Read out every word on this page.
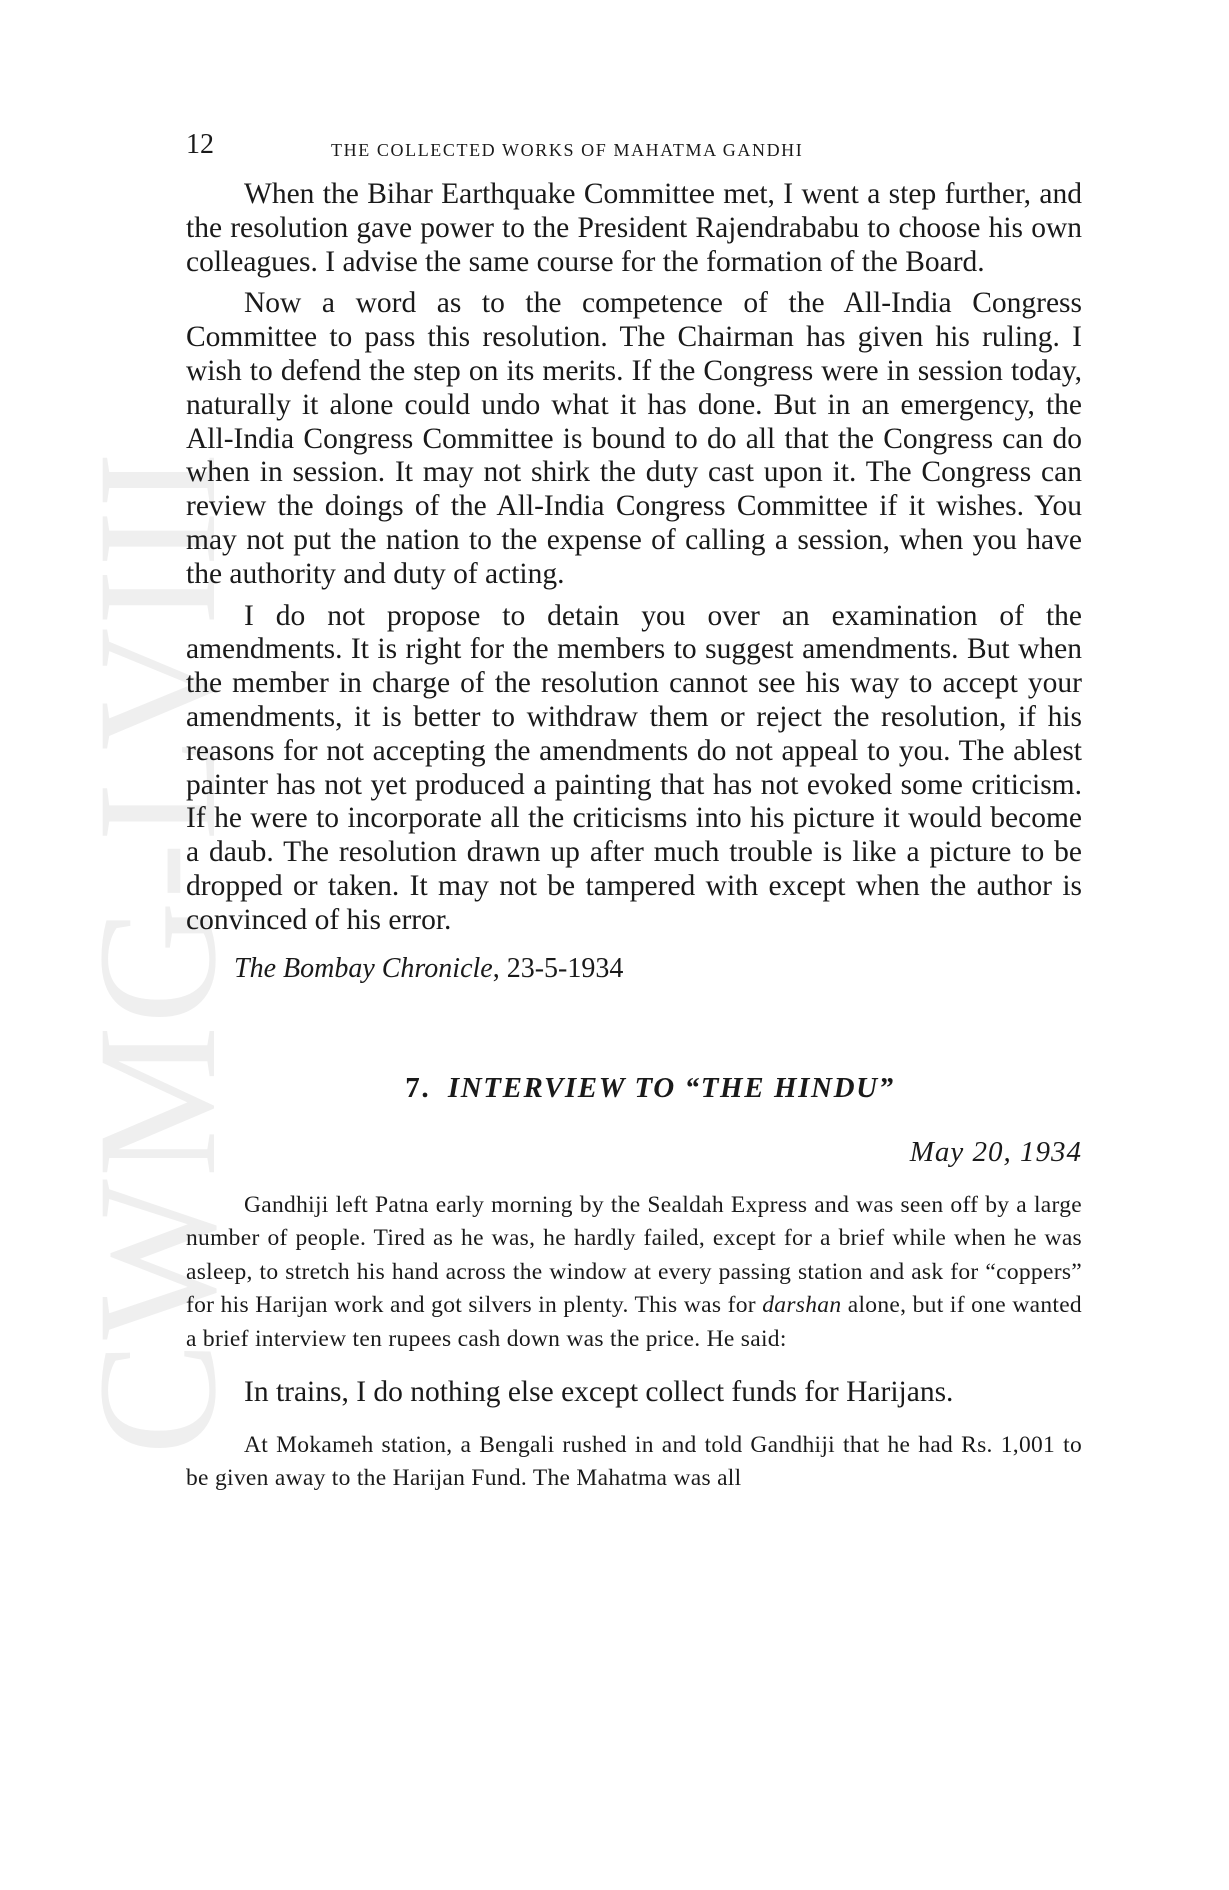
CWMG-LVIII
12	THE COLLECTED WORKS OF MAHATMA GANDHI

When the Bihar Earthquake Committee met, I went a step further, and the resolution gave power to the President Rajendrababu to choose his own colleagues. I advise the same course for the formation of the Board.

Now a word as to the competence of the All-India Congress Committee to pass this resolution. The Chairman has given his ruling. I wish to defend the step on its merits. If the Congress were in session today, naturally it alone could undo what it has done. But in an emergency, the All-India Congress Committee is bound to do all that the Congress can do when in session. It may not shirk the duty cast upon it. The Congress can review the doings of the All-India Congress Committee if it wishes. You may not put the nation to the expense of calling a session, when you have the authority and duty of acting.

I do not propose to detain you over an examination of the amendments. It is right for the members to suggest amendments. But when the member in charge of the resolution cannot see his way to accept your amendments, it is better to withdraw them or reject the resolution, if his reasons for not accepting the amendments do not appeal to you. The ablest painter has not yet produced a painting that has not evoked some criticism. If he were to incorporate all the criticisms into his picture it would become a daub. The resolution drawn up after much trouble is like a picture to be dropped or taken. It may not be tampered with except when the author is convinced of his error.

The Bombay Chronicle, 23-5-1934

7. INTERVIEW TO “THE HINDU”

May 20, 1934

Gandhiji left Patna early morning by the Sealdah Express and was seen off by a large number of people. Tired as he was, he hardly failed, except for a brief while when he was asleep, to stretch his hand across the window at every passing station and ask for “coppers” for his Harijan work and got silvers in plenty. This was for darshan alone, but if one wanted a brief interview ten rupees cash down was the price. He said:

In trains, I do nothing else except collect funds for Harijans.

At Mokameh station, a Bengali rushed in and told Gandhiji that he had Rs. 1,001 to be given away to the Harijan Fund. The Mahatma was all
